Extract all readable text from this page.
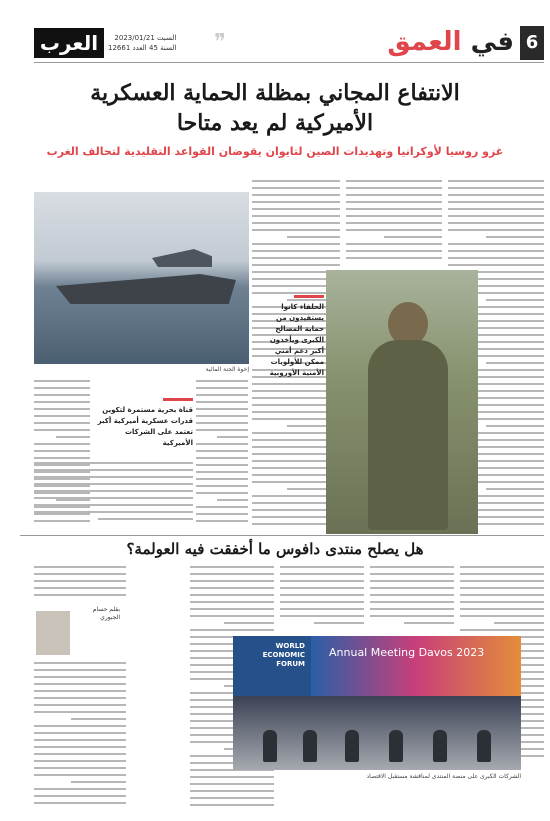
6
في العمق
❞
السبت 2023/01/21
السنة 45 العدد 12661
العرب
الانتفاع المجاني بمظلة الحماية العسكرية
الأميركية لم يعد متاحا
غزو روسيا لأوكرانيا وتهديدات الصين لتايوان يقوضان القواعد التقليدية لتحالف الغرب
إخوة الجنة المائية
الحلفاء كانوا يستفيدون من حماية المصالح الكبرى ويأخذون أكبر دعم أمني ممكن للأولويات الأمنية الأوروبية
قناة بحرية مستمرة لتكوين قدرات عسكرية أميركية أكبر تعتمد على الشركات الأميركية
هل يصلح منتدى دافوس ما أخفقت فيه العولمة؟
بقلم حسام الجبوري
WORLD ECONOMIC FORUM
Annual Meeting Davos 2023
الشركات الكبرى على منصة المنتدى لمناقشة مستقبل الاقتصاد
